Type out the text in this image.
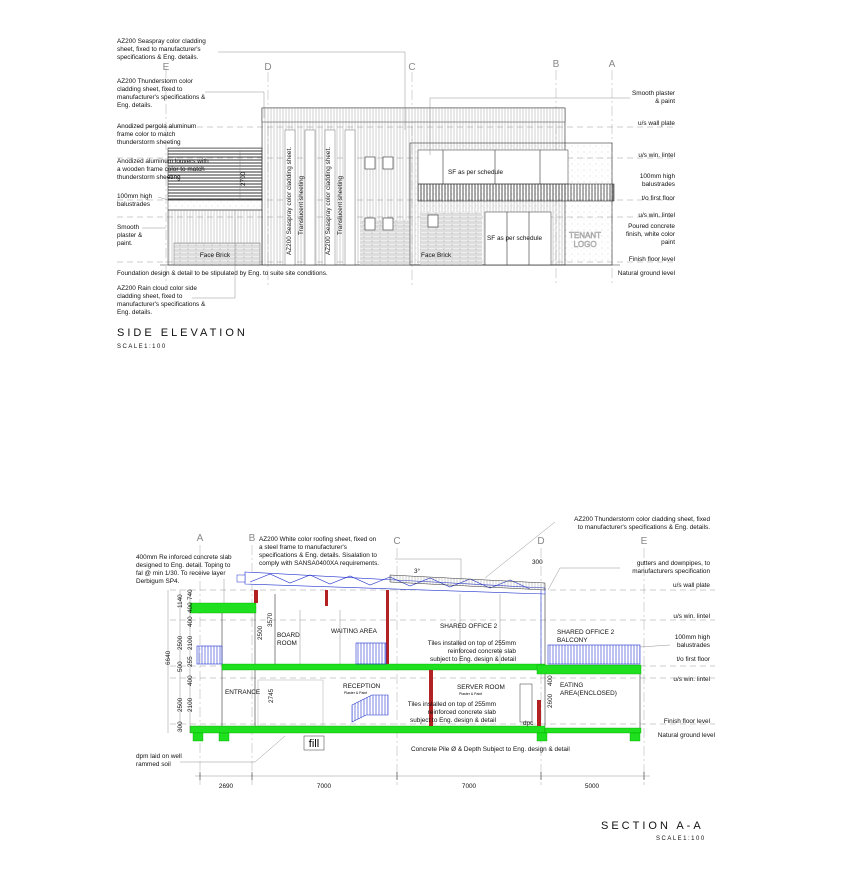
E	D	C	B	A
AZ200 Seaspray color cladding sheet. Translucent sheeting	AZ200 Seaspray color cladding sheet. Translucent sheeting
Face Brick
2700	SF as per schedule
Face Brick
SF as per schedule	TENANT
LOGO
AZ200 Seaspray color cladding
sheet, fixed to manufacturer's
specifications & Eng. details.
AZ200 Thunderstorm color
cladding sheet, fixed to
manufacturer's specifications &
Eng. details.
Anodized pergola aluminum
frame color to match
thunderstorm sheeting
Anodized aluminum louvers with
a wooden frame color to match
thunderstorm sheeting
100mm high
balustrades
Smooth
plaster &
paint.
Foundation design & detail to be stipulated by Eng. to suite site conditions.
AZ200 Rain cloud color side
cladding sheet, fixed to
manufacturer's specifications &
Eng. details.
Smooth plaster
& paint
u/s wall plate
u/s win. lintel
100mm high
balustrades
t/o first floor
u/s win. lintel
Poured concrete
finish, white color
paint
Finish floor level
Natural ground level
SIDE ELEVATION
SCALE1:100
A	B	C	D	E
BOARD
ROOM
WAITING AREA
SHARED OFFICE 2
SHARED OFFICE 2
BALCONY
ENTRANCE
RECEPTION
Plaster & Paint
SERVER ROOM
Plaster & Paint
EATING
AREA(ENCLOSED)
Tiles installed on top of 255mm
reinforced concrete slab
subject to Eng. design & detail
Tiles installed on top of 255mm
reinforced concrete slab
subject to Eng. design & detail	dpc
400mm Re inforced concrete slab
designed to Eng. detail. Toping to
fal @ min 1/30. To receive layer
Derbigum SP4.
AZ200 White color roofing sheet, fixed on
a steel frame to manufacturer's
specifications & Eng. details. Sisalation to
comply with SANSA0400XA requirements.
3°
AZ200 Thunderstorm color cladding sheet, fixed
to manufacturer's specifications & Eng. details.
300	gutters and downpipes, to
manufacturers specification
dpm laid on well
rammed soil
fill	Concrete Pile Ø & Depth Subject to Eng. design & detail
u/s wall plate
u/s win. lintel
100mm high
balustrades
t/o first floor
u/s win. lintel
Finish floor level
Natural ground level
740
1140 400
400
2100
2500
255
500
6640
400
2100
2500
300
3570
2500
2745
400
2600
2690	7000	7000	5000
SECTION A-A
SCALE1:100
